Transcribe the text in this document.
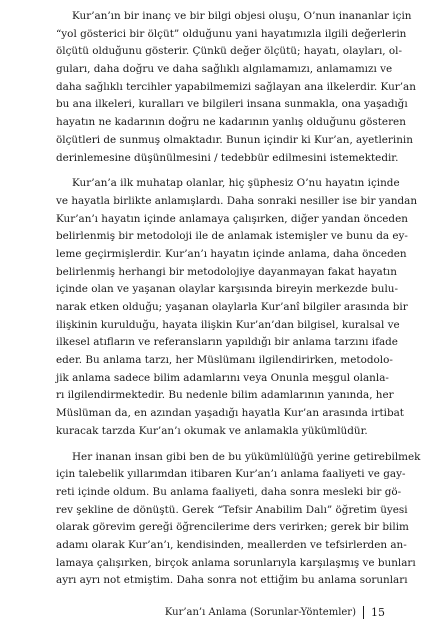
Kur’an’ın bir inanç ve bir bilgi objesi oluşu, O’nun inananlar için
“yol gösterici bir ölçüt” olduğunu yani hayatımızla ilgili değerlerin
ölçütü olduğunu gösterir. Çünkü değer ölçütü; hayatı, olayları, ol-
guları, daha doğru ve daha sağlıklı algılamamızı, anlamamızı ve
daha sağlıklı tercihler yapabilmemizi sağlayan ana ilkelerdir. Kur’an
bu ana ilkeleri, kuralları ve bilgileri insana sunmakla, ona yaşadığı
hayatın ne kadarının doğru ne kadarının yanlış olduğunu gösteren
ölçütleri de sunmuş olmaktadır. Bunun içindir ki Kur’an, ayetlerinin
derinlemesine düşünülmesini / tedebbür edilmesini istemektedir.
Kur’an’a ilk muhatap olanlar, hiç şüphesiz O’nu hayatın içinde
ve hayatla birlikte anlamışlardı. Daha sonraki nesiller ise bir yandan
Kur’an’ı hayatın içinde anlamaya çalışırken, diğer yandan önceden
belirlenmiş bir metodoloji ile de anlamak istemişler ve bunu da ey-
leme geçirmişlerdir. Kur’an’ı hayatın içinde anlama, daha önceden
belirlenmiş herhangi bir metodolojiye dayanmayan fakat hayatın
içinde olan ve yaşanan olaylar karşısında bireyin merkezde bulu-
narak etken olduğu; yaşanan olaylarla Kur’anî bilgiler arasında bir
ilişkinin kurulduğu, hayata ilişkin Kur’an’dan bilgisel, kuralsal ve
ilkesel atıfların ve referansların yapıldığı bir anlama tarzını ifade
eder. Bu anlama tarzı, her Müslümanı ilgilendirirken, metodolo-
jik anlama sadece bilim adamlarını veya Onunla meşgul olanla-
rı ilgilendirmektedir. Bu nedenle bilim adamlarının yanında, her
Müslüman da, en azından yaşadığı hayatla Kur’an arasında irtibat
kuracak tarzda Kur’an’ı okumak ve anlamakla yükümlüdür.
Her inanan insan gibi ben de bu yükümlülüğü yerine getirebilmek
için talebelik yıllarımdan itibaren Kur’an’ı anlama faaliyeti ve gay-
reti içinde oldum. Bu anlama faaliyeti, daha sonra mesleki bir gö-
rev şekline de dönüştü. Gerek “Tefsir Anabilim Dalı” öğretim üyesi
olarak görevim gereği öğrencilerime ders verirken; gerek bir bilim
adamı olarak Kur’an’ı, kendisinden, meallerden ve tefsirlerden an-
lamaya çalışırken, birçok anlama sorunlarıyla karşılaşmış ve bunları
ayrı ayrı not etmiştim. Daha sonra not ettiğim bu anlama sorunları
Kur’an’ı Anlama (Sorunlar-Yöntemler) 15
